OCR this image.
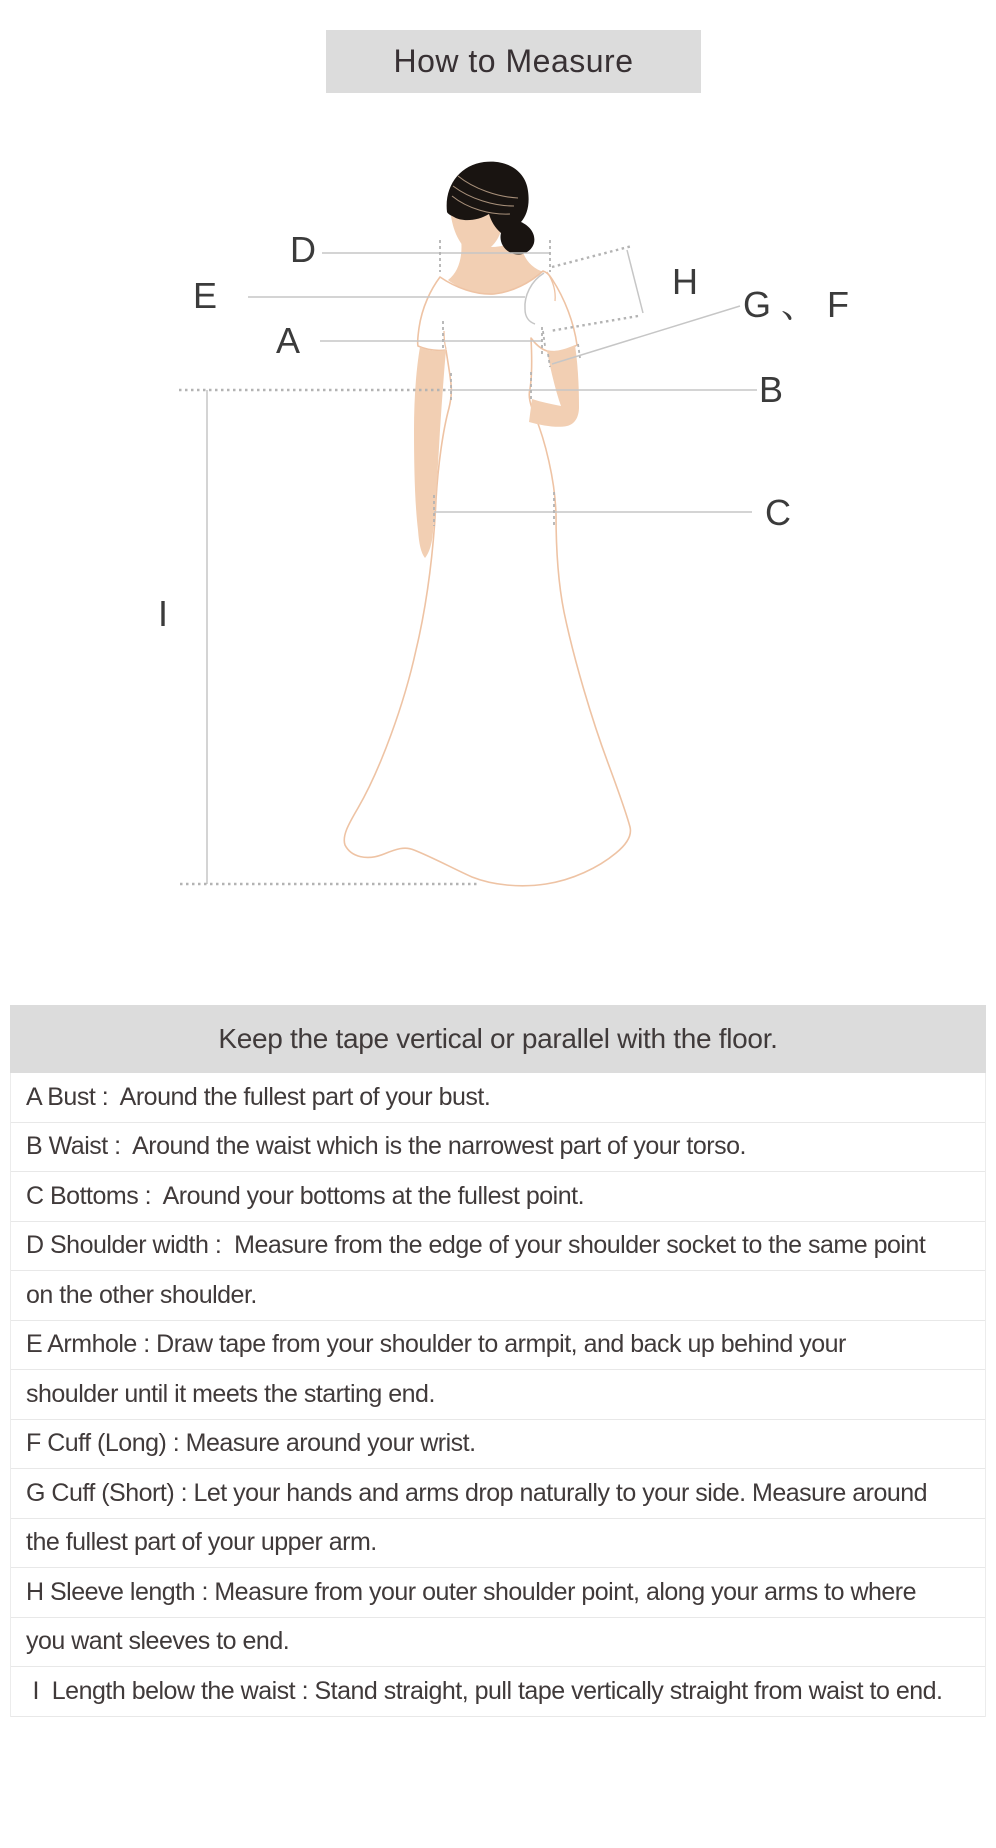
How to Measure
D
E
A
H
G 、 F
B
C
I
Keep the tape vertical or parallel with the floor.
A Bust :  Around the fullest part of your bust.
B Waist :  Around the waist which is the narrowest part of your torso.
C Bottoms :  Around your bottoms at the fullest point.
D Shoulder width :  Measure from the edge of your shoulder socket to the same point
on the other shoulder.
E Armhole : Draw tape from your shoulder to armpit, and back up behind your
shoulder until it meets the starting end.
F Cuff (Long) : Measure around your wrist.
G Cuff (Short) : Let your hands and arms drop naturally to your side. Measure around
the fullest part of your upper arm.
H Sleeve length : Measure from your outer shoulder point, along your arms to where
you want sleeves to end.
I  Length below the waist : Stand straight, pull tape vertically straight from waist to end.
